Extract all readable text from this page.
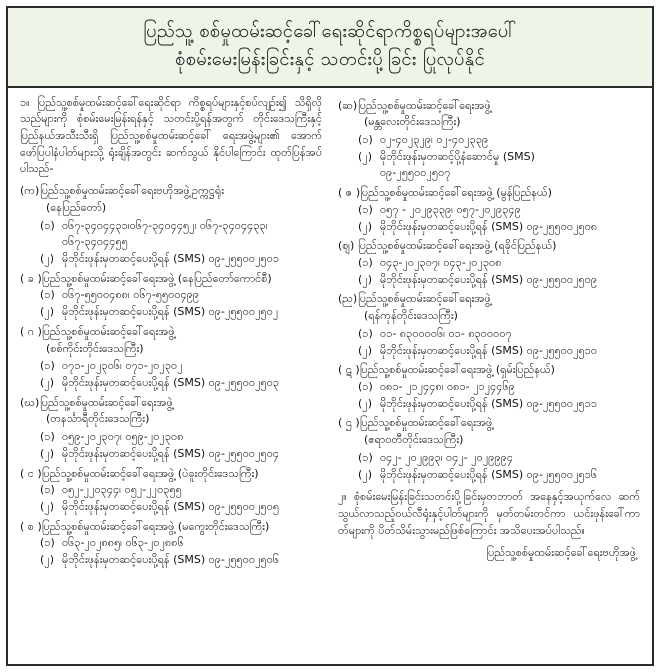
ပြည်သူ့ စစ်မှုထမ်းဆင့်ခေါ်ရေးဆိုင်ရာကိစ္စရပ်များအပေါ်
စုံစမ်းမေးမြန်းခြင်းနှင့် သတင်းပို့ခြင်း ပြုလုပ်နိုင်
၁။ ပြည်သူ့စစ်မှုထမ်းဆင့်ခေါ်ရေးဆိုင်ရာ ကိစ္စရပ်များနှင့်စပ်လျဉ်း၍ သိရှိလိုသည်များကို စုံစမ်းမေးမြန်းရန်နှင့် သတင်းပို့ရန်အတွက် တိုင်းဒေသကြီးနှင့် ပြည်နယ်အသီးသီးရှိ ပြည်သူ့စစ်မှုထမ်းဆင့်ခေါ် ရေးအဖွဲ့များ၏ အောက်ဖော်ပြပါနံပါတ်များသို့ ရုံးချိန်အတွင်း ဆက်သွယ် နိုင်ပါကြောင်း ထုတ်ပြန်အပ်ပါသည်-
(က)ပြည်သူ့စစ်မှုထမ်းဆင့်ခေါ်ရေးဗဟိုအဖွဲ့ဥက္ကဋ္ဌရုံး
(နေပြည်တော်)
(၁) ဝ၆၇-၃၄၀၄၄၃၁၊ဝ၆၇-၃၄၀၄၄၅၂၊ ဝ၆၇-၃၄၀၄၄၃၃၊
ဝ၆၇-၃၄၀၄၄၅၅
(၂) မိုဘိုင်းဖုန်းမှတဆင့်ပေးပို့ရန် (SMS) ဝ၉-၂၅၅၀၀၂၅၀၁
( ခ )ပြည်သူ့စစ်မှုထမ်းဆင့်ခေါ်ရေးအဖွဲ့ (နေပြည်တော်ကောင်စီ)
(၁) ဝ၆၇-၅၅၀၀၄၈၈၊ ဝ၆၇-၅၅၀၀၄၉၉
(၂) မိုဘိုင်းဖုန်းမှတဆင့်ပေးပို့ရန် (SMS) ဝ၉-၂၅၅၀၀၂၅၀၂
( ဂ )ပြည်သူ့စစ်မှုထမ်းဆင့်ခေါ်ရေးအဖွဲ့
(စစ်ကိုင်းတိုင်းဒေသကြီး)
(၁) ဝ၇၁-၂၀၂၃၀၆၊ ဝ၇၁-၂၀၂၃၀၂
(၂) မိုဘိုင်းဖုန်းမှတဆင့်ပေးပို့ရန် (SMS) ဝ၉-၂၅၅၀၀၂၅၀၃
(ဃ)ပြည်သူ့စစ်မှုထမ်းဆင့်ခေါ်ရေးအဖွဲ့
(တနင်္သာရီတိုင်းဒေသကြီး)
(၁) ဝ၅၉-၂၀၂၃၀၇၊ ဝ၅၉-၂၀၂၃၀၈
(၂) မိုဘိုင်းဖုန်းမှတဆင့်ပေးပို့ရန် (SMS) ဝ၉-၂၅၅၀၀၂၅၀၄
( င )ပြည်သူ့စစ်မှုထမ်းဆင့်ခေါ်ရေးအဖွဲ့ (ပဲခူးတိုင်းဒေသကြီး)
(၁) ဝ၅၂-၂၂၀၃၄၄၊ ဝ၅၂-၂၂၀၃၅၅
(၂) မိုဘိုင်းဖုန်းမှတဆင့်ပေးပို့ရန် (SMS) ဝ၉-၂၅၅၀၀၂၅၀၅
( စ )ပြည်သူ့စစ်မှုထမ်းဆင့်ခေါ်ရေးအဖွဲ့ (မကွေးတိုင်းဒေသကြီး)
(၁) ဝ၆၃-၂၀၂၈၈၅၊ ဝ၆၃-၂၀၂၈၈၆
(၂) မိုဘိုင်းဖုန်းမှတဆင့်ပေးပို့ရန် (SMS) ဝ၉-၂၅၅၀၀၂၅၀၆
(ဆ)ပြည်သူ့စစ်မှုထမ်းဆင့်ခေါ်ရေးအဖွဲ့
(မန္တလေးတိုင်းဒေသကြီး)
(၁) ဝ၂-၄၀၂၃၂၉၊ ဝ၂-၄၀၂၃၃၉
(၂) မိုဘိုင်းဖုန်းမှတဆင့်ပို့နံဆောင်မှု (SMS)
ဝ၉-၂၅၅၀၀၂၅၀၇
( ဇ )ပြည်သူ့စစ်မှုထမ်းဆင့်ခေါ်ရေးအဖွဲ့ (မွန်ပြည်နယ်)
(၁) ဝ၅၇ - ၂၀၂၉၃၃၉၊ ဝ၅၇-၂၀၂၉၃၄၉
(၂) မိုဘိုင်းဖုန်းမှတဆင့်ပေးပို့ရန် (SMS) ဝ၉-၂၅၅၀၀၂၅၀၈
(ဈ) ပြည်သူ့စစ်မှုထမ်းဆင့်ခေါ်ရေးအဖွဲ့ (ရခိုင်ပြည်နယ်)
(၁) ဝ၄၃-၂၀၂၃၀၇၊ ဝ၄၃-၂၀၂၃၀၈
(၂) မိုဘိုင်းဖုန်းမှတဆင့်ပေးပို့ရန် (SMS) ဝ၉-၂၅၅၀၀၂၅၀၉
(ည)ပြည်သူ့စစ်မှုထမ်းဆင့်ခေါ်ရေးအဖွဲ့
(ရန်ကုန်တိုင်းဒေသကြီး)
(၁) ၀၁- ၈၃၀၀၀၀၆၊ ၀၁- ၈၃၀၀၀၀၇
(၂) မိုဘိုင်းဖုန်းမှတဆင့်ပေးပို့ရန် (SMS) ဝ၉-၂၅၅၀၀၂၅၁၀
( ဋ )ပြည်သူ့စစ်မှုထမ်းဆင့်ခေါ်ရေးအဖွဲ့ (ရှမ်းပြည်နယ်)
(၁) ဝ၈၁- ၂၁၂၄၄၈၊ ဝ၈၁- ၂၁၂၄၄၆၉
(၂) မိုဘိုင်းဖုန်းမှတဆင့်ပေးပို့ရန် (SMS) ဝ၉-၂၅၅၀၀၂၅၁၁
( ဌ )ပြည်သူ့စစ်မှုထမ်းဆင့်ခေါ်ရေးအဖွဲ့
(ဧရာဝတီတိုင်းဒေသကြီး)
(၁) ဝ၄၂- ၂၀၂၉၉၃၊ ဝ၄၂- ၂၀၂၉၉၉၄
(၂) မိုဘိုင်းဖုန်းမှတဆင့်ပေးပို့ရန် (SMS) ဝ၉-၂၅၅၀၀၂၅၁၆
၂။ စုံစမ်းမေးမြန်းခြင်းသတင်းပို့ခြင်းမှတဘာတ် အနေနှင့်အယုက်လေ ဆက်သွယ်လာသည့်ဝယ်လီရုံးနှင့်ပါတ်များကို မှတ်တမ်းတင်ကာ ယင်းဖုန်းခေါ်ကာတ်များကို ပိတ်သိမ်းသွားမည်ဖြစ်ကြောင်း အသိပေးအပ်ပါသည်။
ပြည်သူ့စစ်မှုထမ်းဆင့်ခေါ်ရေးဗဟိုအဖွဲ့
